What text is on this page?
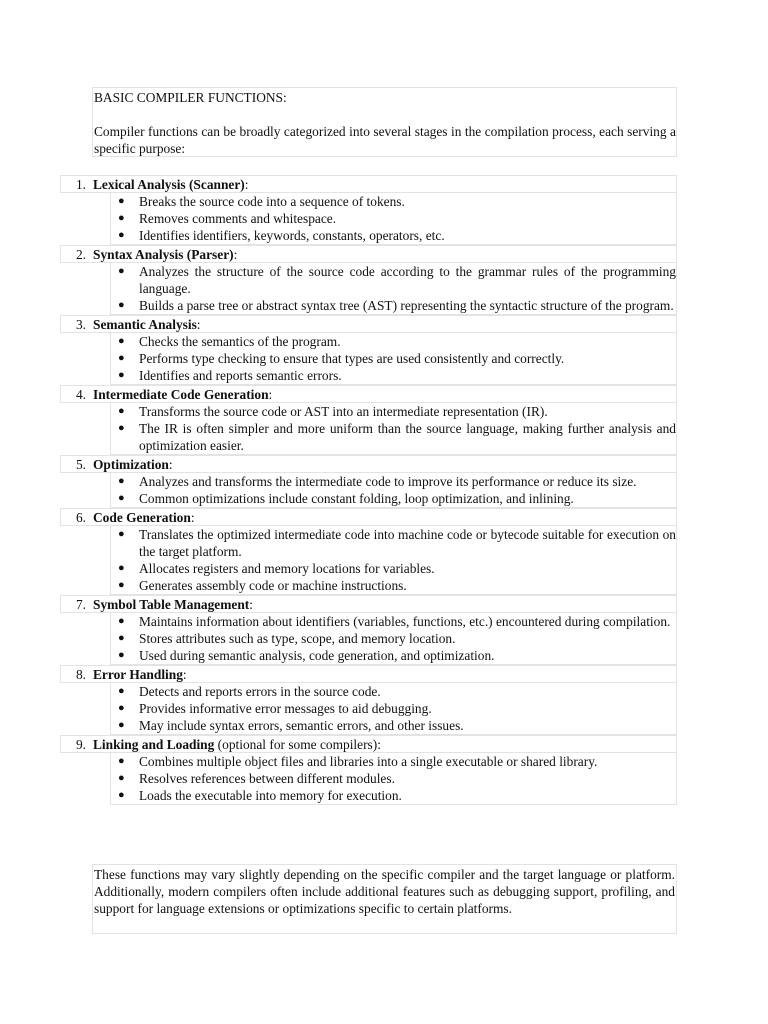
BASIC COMPILER FUNCTIONS:

Compiler functions can be broadly categorized into several stages in the compilation process, each serving a specific purpose:

1. Lexical Analysis (Scanner):
● Breaks the source code into a sequence of tokens.
● Removes comments and whitespace.
● Identifies identifiers, keywords, constants, operators, etc.
2. Syntax Analysis (Parser):
● Analyzes the structure of the source code according to the grammar rules of the programming language.
● Builds a parse tree or abstract syntax tree (AST) representing the syntactic structure of the program.
3. Semantic Analysis:
● Checks the semantics of the program.
● Performs type checking to ensure that types are used consistently and correctly.
● Identifies and reports semantic errors.
4. Intermediate Code Generation:
● Transforms the source code or AST into an intermediate representation (IR).
● The IR is often simpler and more uniform than the source language, making further analysis and optimization easier.
5. Optimization:
● Analyzes and transforms the intermediate code to improve its performance or reduce its size.
● Common optimizations include constant folding, loop optimization, and inlining.
6. Code Generation:
● Translates the optimized intermediate code into machine code or bytecode suitable for execution on the target platform.
● Allocates registers and memory locations for variables.
● Generates assembly code or machine instructions.
7. Symbol Table Management:
● Maintains information about identifiers (variables, functions, etc.) encountered during compilation.
● Stores attributes such as type, scope, and memory location.
● Used during semantic analysis, code generation, and optimization.
8. Error Handling:
● Detects and reports errors in the source code.
● Provides informative error messages to aid debugging.
● May include syntax errors, semantic errors, and other issues.
9. Linking and Loading (optional for some compilers):
● Combines multiple object files and libraries into a single executable or shared library.
● Resolves references between different modules.
● Loads the executable into memory for execution.

These functions may vary slightly depending on the specific compiler and the target language or platform. Additionally, modern compilers often include additional features such as debugging support, profiling, and support for language extensions or optimizations specific to certain platforms.
